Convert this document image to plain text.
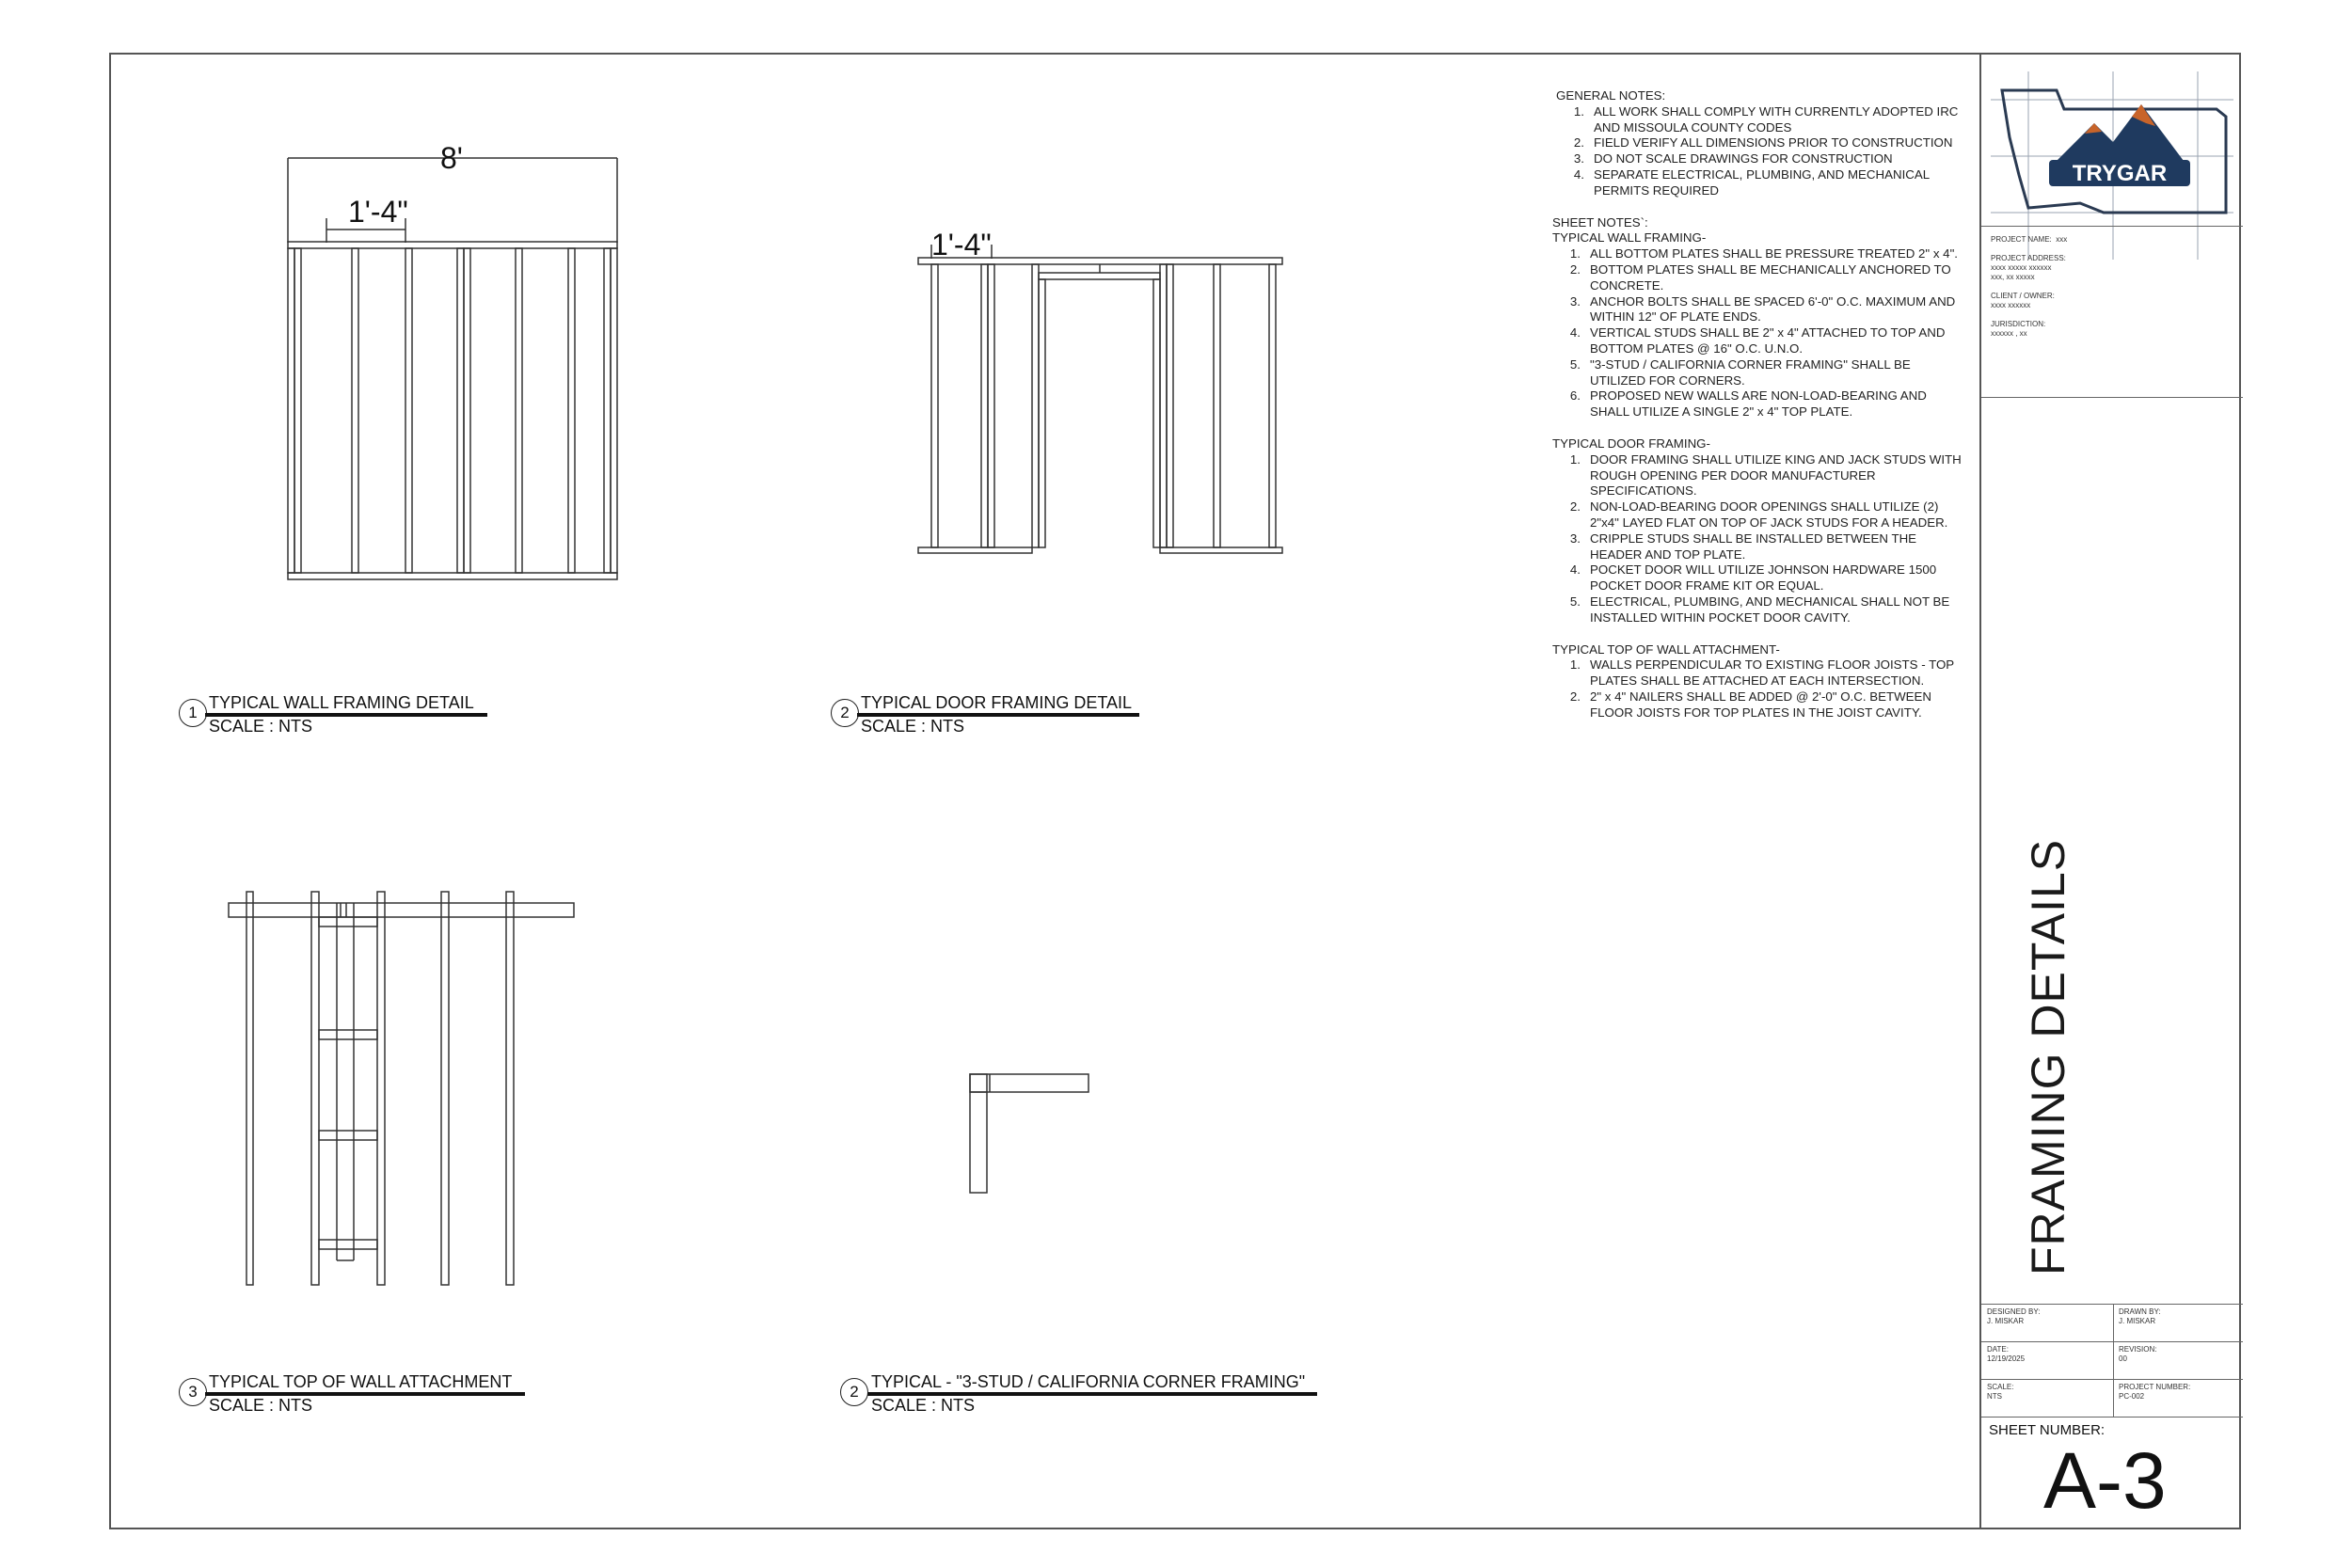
8'
1'-4"
1'-4"
1
TYPICAL WALL FRAMING DETAIL
SCALE : NTS
2
TYPICAL DOOR FRAMING DETAIL
SCALE : NTS
3
TYPICAL TOP OF WALL ATTACHMENT
SCALE : NTS
2
TYPICAL - "3-STUD / CALIFORNIA CORNER FRAMING"
SCALE : NTS
GENERAL NOTES:
1. ALL WORK SHALL COMPLY WITH CURRENTLY ADOPTED IRC
AND MISSOULA COUNTY CODES
2. FIELD VERIFY ALL DIMENSIONS PRIOR TO CONSTRUCTION
3. DO NOT SCALE DRAWINGS FOR CONSTRUCTION
4. SEPARATE ELECTRICAL, PLUMBING, AND MECHANICAL
PERMITS REQUIRED
SHEET NOTES`:
TYPICAL WALL FRAMING-
1. ALL BOTTOM PLATES SHALL BE PRESSURE TREATED 2" x 4".
2. BOTTOM PLATES SHALL BE MECHANICALLY ANCHORED TO
CONCRETE.
3. ANCHOR BOLTS SHALL BE SPACED 6'-0" O.C. MAXIMUM AND
WITHIN 12" OF PLATE ENDS.
4. VERTICAL STUDS SHALL BE 2" x 4" ATTACHED TO TOP AND
BOTTOM PLATES @ 16" O.C. U.N.O.
5. "3-STUD / CALIFORNIA CORNER FRAMING" SHALL BE
UTILIZED FOR CORNERS.
6. PROPOSED NEW WALLS ARE NON-LOAD-BEARING AND
SHALL UTILIZE A SINGLE 2" x 4" TOP PLATE.
TYPICAL DOOR FRAMING-
1. DOOR FRAMING SHALL UTILIZE KING AND JACK STUDS WITH
ROUGH OPENING PER DOOR MANUFACTURER
SPECIFICATIONS.
2. NON-LOAD-BEARING DOOR OPENINGS SHALL UTILIZE (2)
2"x4" LAYED FLAT ON TOP OF JACK STUDS FOR A HEADER.
3. CRIPPLE STUDS SHALL BE INSTALLED BETWEEN THE
HEADER AND TOP PLATE.
4. POCKET DOOR WILL UTILIZE JOHNSON HARDWARE 1500
POCKET DOOR FRAME KIT OR EQUAL.
5. ELECTRICAL, PLUMBING, AND MECHANICAL SHALL NOT BE
INSTALLED WITHIN POCKET DOOR CAVITY.
TYPICAL TOP OF WALL ATTACHMENT-
1. WALLS PERPENDICULAR TO EXISTING FLOOR JOISTS - TOP
PLATES SHALL BE ATTACHED AT EACH INTERSECTION.
2. 2" x 4" NAILERS SHALL BE ADDED @ 2'-0" O.C. BETWEEN
FLOOR JOISTS FOR TOP PLATES IN THE JOIST CAVITY.
TRYGAR
PROJECT NAME: xxx
PROJECT ADDRESS:
xxxx xxxxx xxxxxx
xxx, xx xxxxx
CLIENT / OWNER:
xxxx xxxxxx
JURISDICTION:
xxxxxx , xx
FRAMING DETAILS
DESIGNED BY:
J. MISKAR
DRAWN BY:
J. MISKAR
DATE:
12/19/2025
REVISION:
00
SCALE:
NTS
PROJECT NUMBER:
PC-002
SHEET NUMBER:
A-3
